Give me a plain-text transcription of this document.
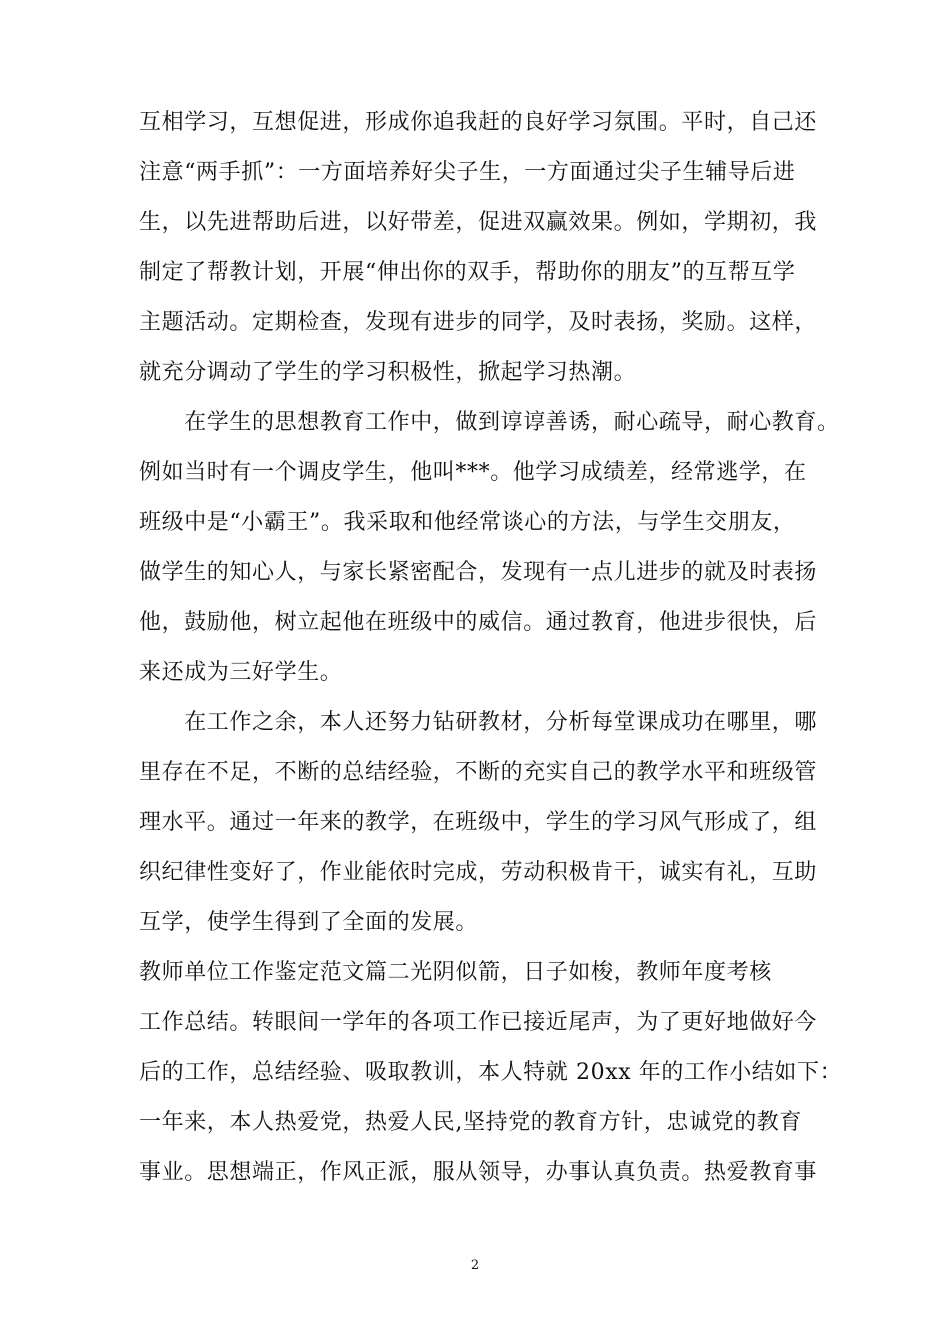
互相学习，互想促进，形成你追我赶的良好学习氛围。平时，自己还
注意“两手抓”：一方面培养好尖子生，一方面通过尖子生辅导后进
生，以先进帮助后进，以好带差，促进双赢效果。例如，学期初，我
制定了帮教计划，开展“伸出你的双手，帮助你的朋友”的互帮互学
主题活动。定期检查，发现有进步的同学，及时表扬，奖励。这样，
就充分调动了学生的学习积极性，掀起学习热潮。
　　在学生的思想教育工作中，做到谆谆善诱，耐心疏导，耐心教育。
例如当时有一个调皮学生，他叫***。他学习成绩差，经常逃学，在
班级中是“小霸王”。我采取和他经常谈心的方法，与学生交朋友，
做学生的知心人，与家长紧密配合，发现有一点儿进步的就及时表扬
他，鼓励他，树立起他在班级中的威信。通过教育，他进步很快，后
来还成为三好学生。
　　在工作之余，本人还努力钻研教材，分析每堂课成功在哪里，哪
里存在不足，不断的总结经验，不断的充实自己的教学水平和班级管
理水平。通过一年来的教学，在班级中，学生的学习风气形成了，组
织纪律性变好了，作业能依时完成，劳动积极肯干，诚实有礼，互助
互学，使学生得到了全面的发展。
教师单位工作鉴定范文篇二光阴似箭，日子如梭，教师年度考核
工作总结。转眼间一学年的各项工作已接近尾声，为了更好地做好今
后的工作，总结经验、吸取教训，本人特就 20xx 年的工作小结如下：
2
一年来，本人热爱党，热爱人民,坚持党的教育方针，忠诚党的教育
事业。思想端正，作风正派，服从领导，办事认真负责。热爱教育事
